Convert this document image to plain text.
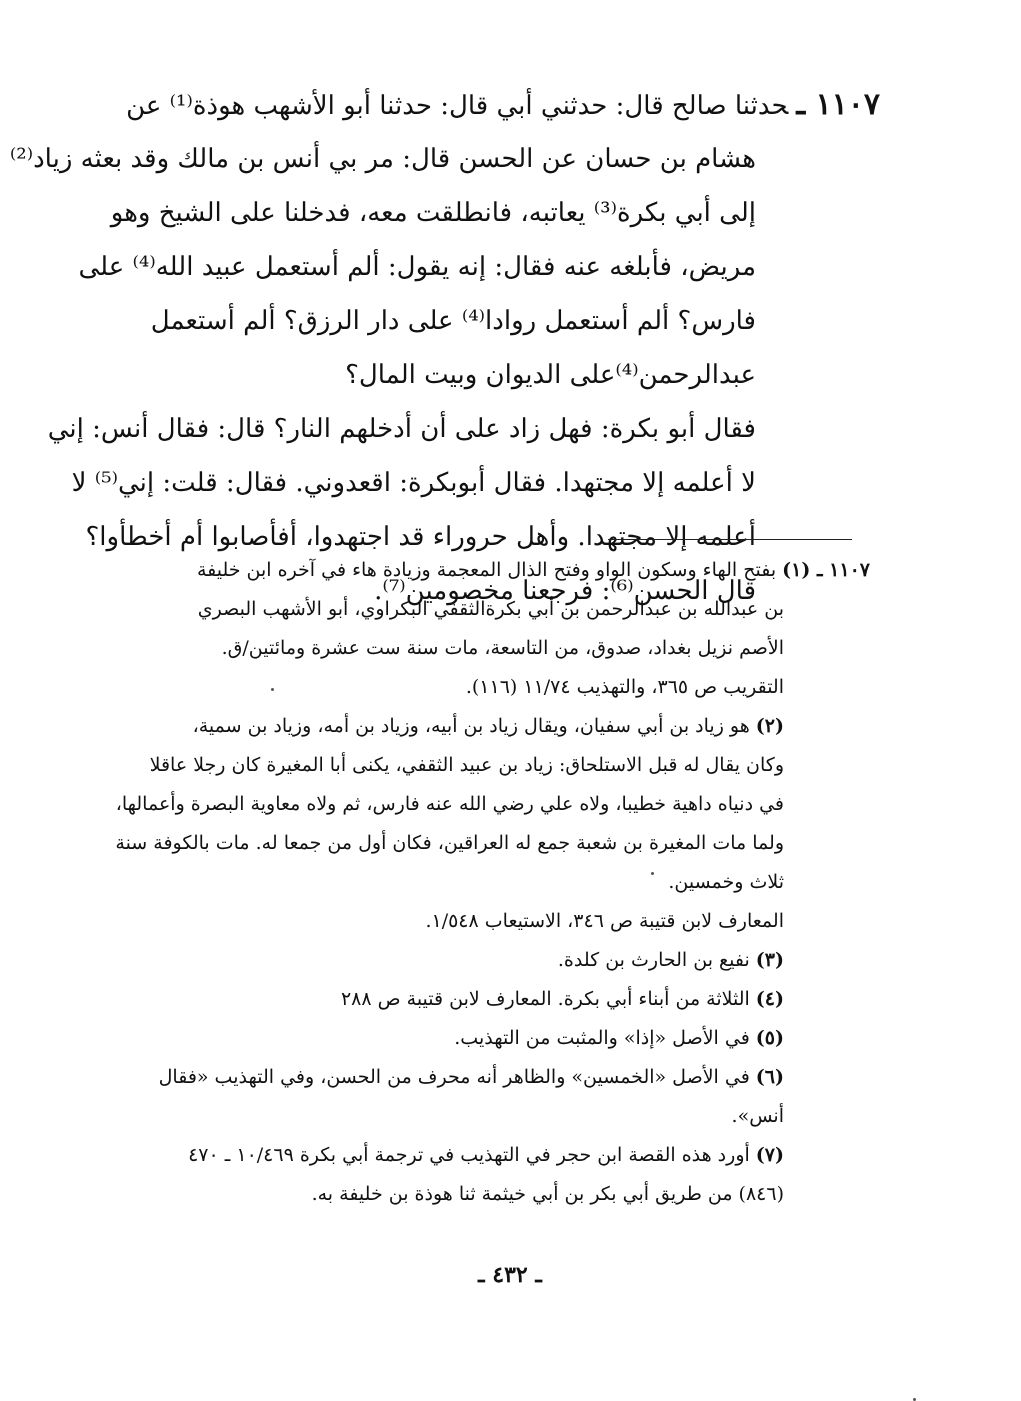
١١٠٧ ـحدثنا صالح قال: حدثني أبي قال: حدثنا أبو الأشهب هوذة⁽¹⁾ عن

هشام بن حسان عن الحسن قال: مر بي أنس بن مالك وقد بعثه زياد⁽²⁾

إلى أبي بكرة⁽³⁾ يعاتبه، فانطلقت معه، فدخلنا على الشيخ وهو

مريض، فأبلغه عنه فقال: إنه يقول: ألم أستعمل عبيد الله⁽⁴⁾ على

فارس؟ ألم أستعمل روادا⁽⁴⁾ على دار الرزق؟ ألم أستعمل

عبدالرحمن⁽⁴⁾على الديوان وبيت المال؟

فقال أبو بكرة: فهل زاد على أن أدخلهم النار؟ قال: فقال أنس: إني

لا أعلمه إلا مجتهدا. فقال أبوبكرة: اقعدوني. فقال: قلت: إني⁽⁵⁾ لا

أعلمه إلا مجتهدا. وأهل حروراء قد اجتهدوا، أفأصابوا أم أخطأوا؟

قال الحسن⁽⁶⁾: فرجعنا مخصومين⁽⁷⁾.

١١٠٧ ـ (١)بفتح الهاء وسكون الواو وفتح الذال المعجمة وزيادة هاء في آخره ابن خليفة

بن عبدالله بن عبدالرحمن بن أبي بكرةالثقفي البكراوي، أبو الأشهب البصري

الأصم نزيل بغداد، صدوق، من التاسعة، مات سنة ست عشرة ومائتين/ق.

التقريب ص ٣٦٥، والتهذيب ١١/٧٤ (١١٦).

(٢)هو زياد بن أبي سفيان، ويقال زياد بن أبيه، وزياد بن أمه، وزياد بن سمية،

وكان يقال له قبل الاستلحاق: زياد بن عبيد الثقفي، يكنى أبا المغيرة كان رجلا عاقلا

في دنياه داهية خطيبا، ولاه علي رضي الله عنه فارس، ثم ولاه معاوية البصرة وأعمالها،

ولما مات المغيرة بن شعبة جمع له العراقين، فكان أول من جمعا له. مات بالكوفة سنة

ثلاث وخمسين.

المعارف لابن قتيبة ص ٣٤٦، الاستيعاب ١/٥٤٨.

(٣)نفيع بن الحارث بن كلدة.

(٤)الثلاثة من أبناء أبي بكرة. المعارف لابن قتيبة ص ٢٨٨

(٥)في الأصل «إذا» والمثبت من التهذيب.

(٦)في الأصل «الخمسين» والظاهر أنه محرف من الحسن، وفي التهذيب «فقال

أنس».

(٧)أورد هذه القصة ابن حجر في التهذيب في ترجمة أبي بكرة ١٠/٤٦٩ ـ ٤٧٠

(٨٤٦) من طريق أبي بكر بن أبي خيثمة ثنا هوذة بن خليفة به.

ـ ٤٣٢ ـ
